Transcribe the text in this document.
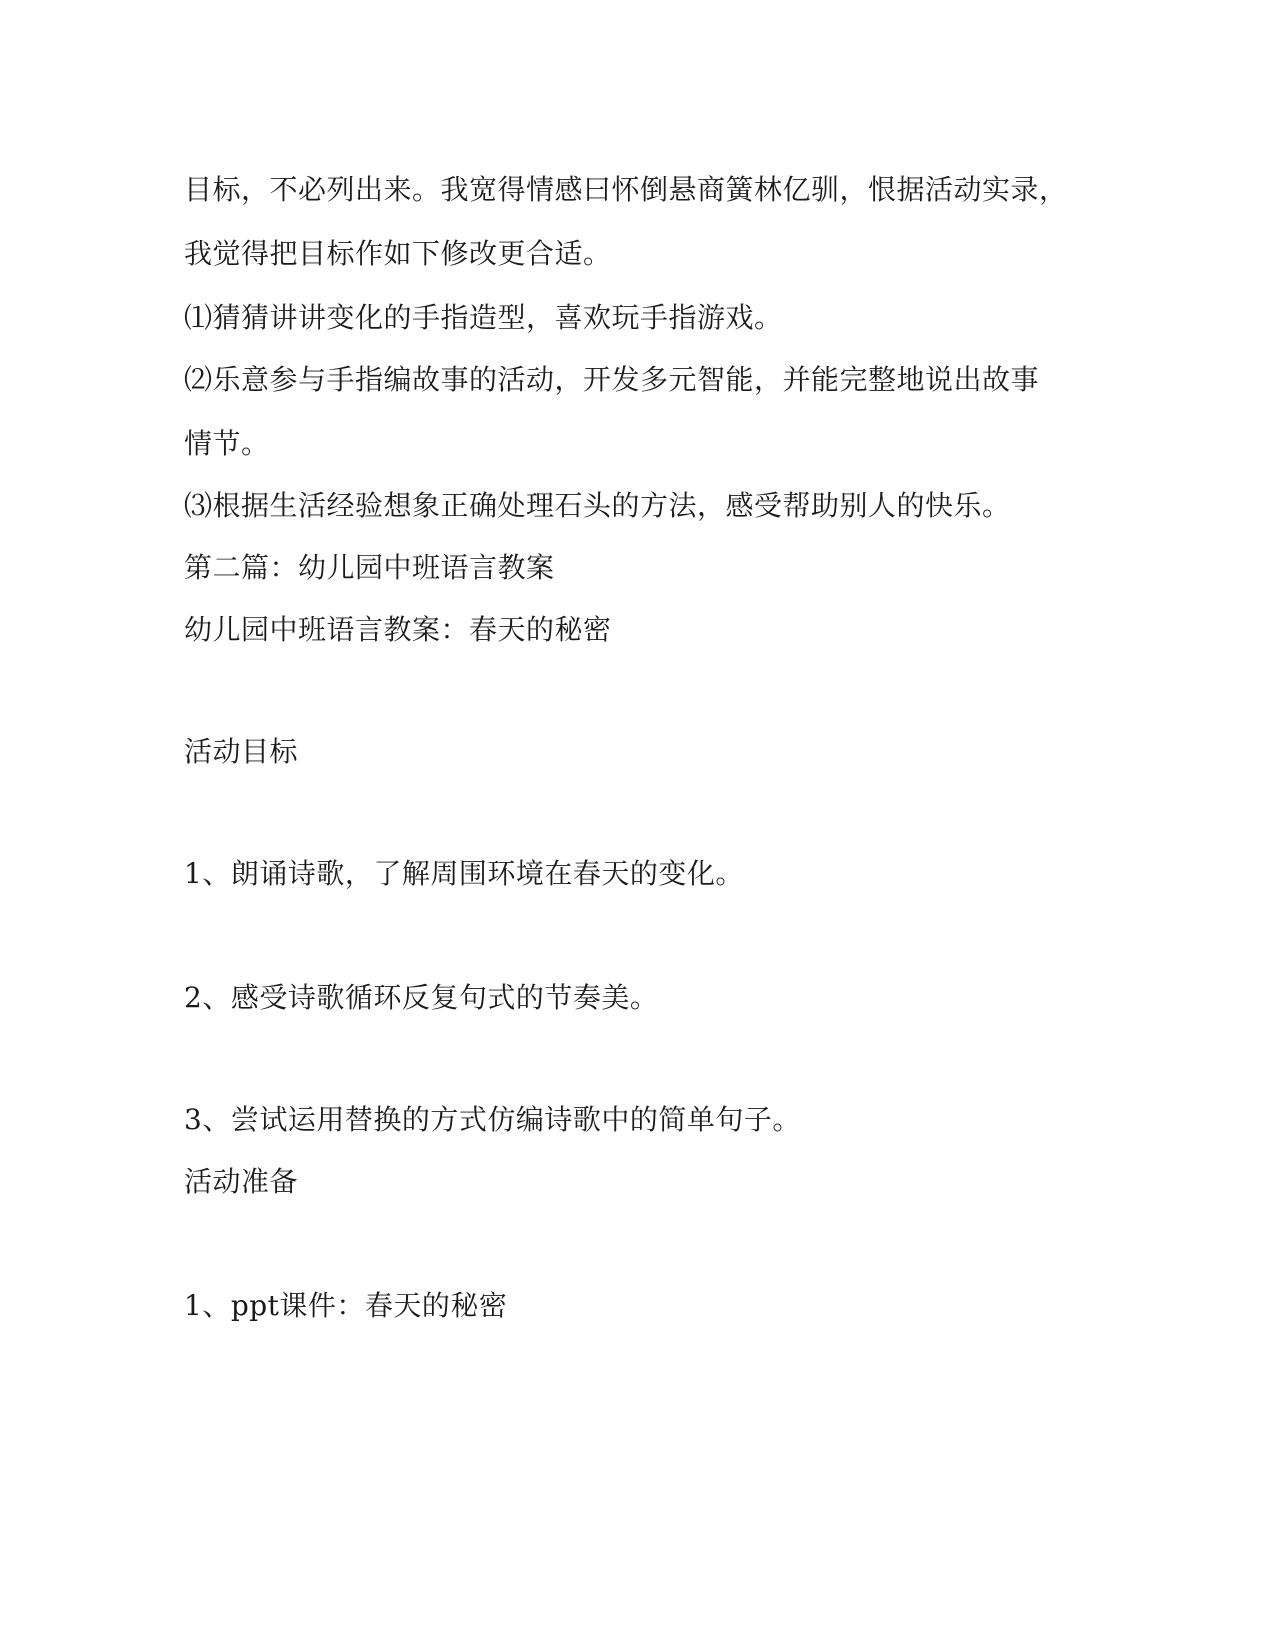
目标，不必列出来。我宽得情感曰怀倒悬商簧林亿驯，恨据活动实录，
我觉得把目标作如下修改更合适。
⑴猜猜讲讲变化的手指造型，喜欢玩手指游戏。
⑵乐意参与手指编故事的活动，开发多元智能，并能完整地说出故事
情节。
⑶根据生活经验想象正确处理石头的方法，感受帮助别人的快乐。
第二篇：幼儿园中班语言教案
幼儿园中班语言教案：春天的秘密
活动目标
1、朗诵诗歌，了解周围环境在春天的变化。
2、感受诗歌循环反复句式的节奏美。
3、尝试运用替换的方式仿编诗歌中的简单句子。
活动准备
1、ppt课件：春天的秘密
